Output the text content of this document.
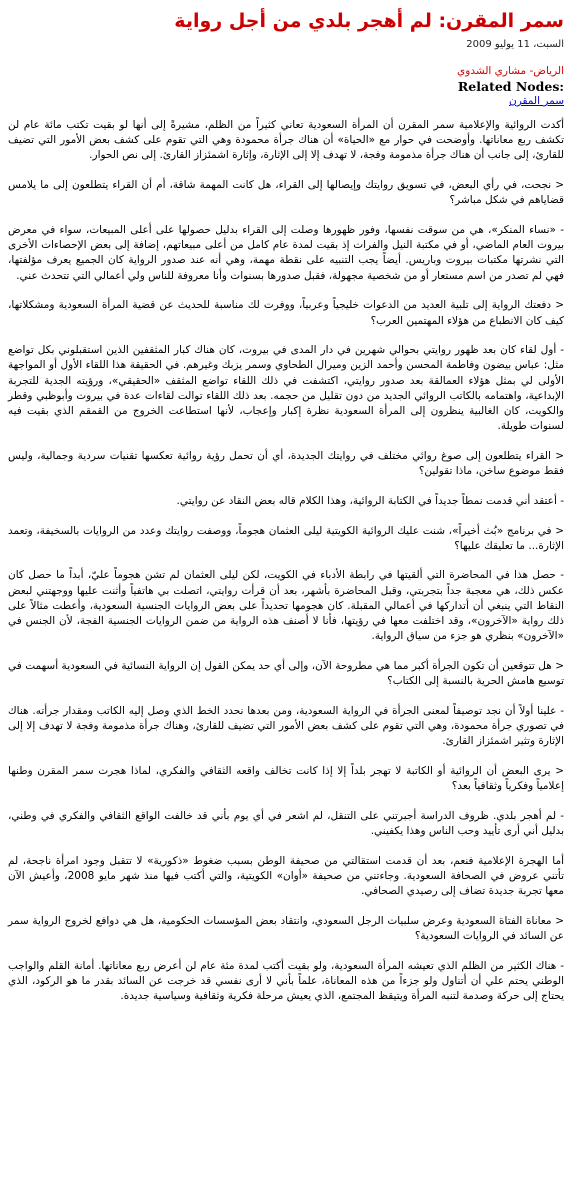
سمر المقرن: لم أهجر بلدي من أجل رواية
السبت، 11 يوليو 2009
الرياض- مشاري الشدوي
Related Nodes:
سمر المقرن

أكدت الروائية والإعلامية سمر المقرن أن المرأة السعودية تعاني كثيراً من الظلم، مشيرةً إلى أنها لو بقيت تكتب مائة عام لن تكشف ربع معاناتها. وأوضحت في حوار مع «الحياة» أن هناك جرأة محمودة وهي التي تقوم على كشف بعض الأمور التي تضيف للقارئ، إلى جانب أن هناك جرأة مذمومة وفجة، لا تهدف إلا إلى الإثارة، وإثارة اشمئزاز القارئ. إلى نص الحوار.

< نجحت، في رأي البعض، في تسويق روايتك وإيصالها إلى القراء، هل كانت المهمة شاقة، أم أن القراء يتطلعون إلى ما يلامس قضاياهم في شكل مباشر؟

- «نساء المنكر»، هي من سوقت نفسها، وفور ظهورها وصلت إلى القراء بدليل حصولها على أعلى المبيعات، سواء في معرض بيروت العام الماضي، أو في مكتبة النيل والفرات إذ بقيت لمدة عام كامل من أعلى مبيعاتهم، إضافة إلى بعض الإحصاءات الأخرى التي نشرتها مكتبات بيروت وباريس. أيضاً يجب التنبيه على نقطة مهمة، وهي أنه عند صدور الرواية كان الجميع يعرف مؤلفتها، فهي لم تصدر من اسم مستعار أو من شخصية مجهولة، فقبل صدورها بسنوات وأنا معروفة للناس ولي أعمالي التي تتحدث عني.

< دفعتك الرواية إلى تلبية العديد من الدعوات خليجياً وعربياً، ووفرت لك مناسبة للحديث عن قضية المرأة السعودية ومشكلاتها، كيف كان الانطباع من هؤلاء المهتمين العرب؟

- أول لقاء كان بعد ظهور روايتي بحوالي شهرين في دار المدى في بيروت، كان هناك كبار المثقفين الذين استقبلوني بكل تواضع مثل: عباس بيضون وفاطمة المحسن وأحمد الزين وميرال الطحاوي وسمر يزبك وغيرهم. في الحقيقة هذا اللقاء الأول أو المواجهة الأولى لي بمثل هؤلاء العمالقة بعد صدور روايتي، اكتشفت في ذلك اللقاء تواضع المثقف «الحقيقي»، ورؤيته الجدية للتجربة الإبداعية، واهتمامه بالكاتب الروائي الجديد من دون تقليل من حجمه. بعد ذلك اللقاء توالت لقاءات عدة في بيروت وأبوظبي وقطر والكويت، كان الغالبية ينظرون إلى المرأة السعودية نظرة إكبار وإعجاب، لأنها استطاعت الخروج من القمقم الذي بقيت فيه لسنوات طويلة.

< القراء يتطلعون إلى صوغ روائي مختلف في روايتك الجديدة، أي أن تحمل رؤية روائية تعكسها تقنيات سردية وجمالية، وليس فقط موضوع ساخن، ماذا تقولين؟

- أعتقد أني قدمت نمطاً جديداً في الكتابة الروائية، وهذا الكلام قاله بعض النقاد عن روايتي.

< في برنامج «بُث أخيراً»، شنت عليك الروائية الكويتية ليلى العثمان هجوماً، ووصفت روايتك وعدد من الروايات بالسخيفة، وتعمد الإثارة... ما تعليقك عليها؟

- حصل هذا في المحاضرة التي ألقيتها في رابطة الأدباء في الكويت، لكن ليلى العثمان لم تشن هجوماً عليّ، أبداً ما حصل كان عكس ذلك، هي معجبة جداً بتجربتي، وقبل المحاضرة بأشهر، بعد أن قرأت روايتي، اتصلت بي هاتفياً وأثنت عليها ووجهتني لبعض النقاط التي ينبغي أن أتداركها في أعمالي المقبلة. كان هجومها تحديداً على بعض الروايات الجنسية السعودية، وأعطت مثالاً على ذلك رواية «الآخرون»، وقد اختلفت معها في رؤيتها، فأنا لا أصنف هذه الرواية من ضمن الروايات الجنسية الفجة، لأن الجنس في «الآخرون» بنظري هو جزء من سياق الرواية.

< هل تتوقعين أن تكون الجرأة أكبر مما هي مطروحة الآن، وإلى أي حد يمكن القول إن الرواية النسائية في السعودية أسهمت في توسيع هامش الحرية بالنسبة إلى الكتاب؟

- علينا أولاً أن نجد توصيفاً لمعنى الجرأة في الرواية السعودية، ومن بعدها نحدد الخط الذي وصل إليه الكاتب ومقدار جرأته. هناك في تصوري جرأة محمودة، وهي التي تقوم على كشف بعض الأمور التي تضيف للقارئ، وهناك جرأة مذمومة وفجة لا تهدف إلا إلى الإثارة وتثير اشمئزاز القارئ.

< يرى البعض أن الروائية أو الكاتبة لا تهجر بلداً إلا إذا كانت تخالف واقعه الثقافي والفكري، لماذا هجرت سمر المقرن وطنها إعلامياً وفكرياً وثقافياً بعد؟

- لم أهجر بلدي. ظروف الدراسة أجبرتني على التنقل، لم اشعر في أي يوم بأني قد خالفت الواقع الثقافي والفكري في وطني، بدليل أني أرى تأييد وحب الناس وهذا يكفيني.

أما الهجرة الإعلامية فنعم، بعد أن قدمت استقالتي من صحيفة الوطن بسبب ضغوط «ذكورية» لا تتقبل وجود امرأة ناجحة، لم تأتني عروض في الصحافة السعودية. وجاءتني من صحيفة «أوان» الكويتية، والتي أكتب فيها منذ شهر مايو 2008، وأعيش الآن معها تجربة جديدة تضاف إلى رصيدي الصحافي.

< معاناة الفتاة السعودية وعرض سلبيات الرجل السعودي، وانتقاد بعض المؤسسات الحكومية، هل هي دوافع لخروج الرواية سمر عن السائد في الروايات السعودية؟

- هناك الكثير من الظلم الذي تعيشه المرأة السعودية، ولو بقيت أكتب لمدة مئة عام لن أعرض ربع معاناتها. أمانة القلم والواجب الوطني يحتم علي أن أتناول ولو جزءاً من هذه المعاناة، علماً بأني لا أرى نفسي قد خرجت عن السائد بقدر ما هو الركود، الذي يحتاج إلى حركة وصدمة لتنبه المرأة ويتيقظ المجتمع، الذي يعيش مرحلة فكرية وثقافية وسياسية جديدة.
